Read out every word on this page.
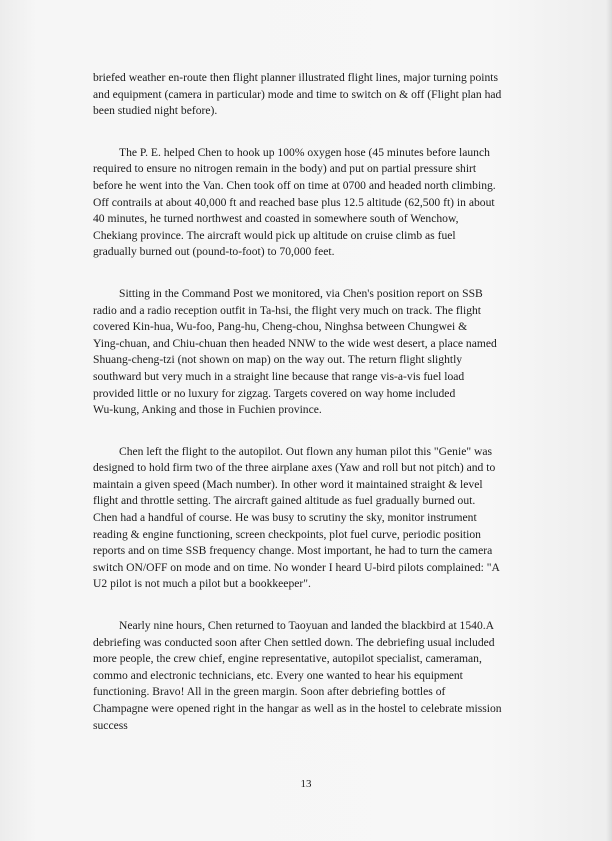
briefed weather en-route then flight planner illustrated flight lines, major turning points
and equipment (camera in particular) mode and time to switch on & off (Flight plan had
been studied night before).

The P. E. helped Chen to hook up 100% oxygen hose (45 minutes before launch
required to ensure no nitrogen remain in the body) and put on partial pressure shirt
before he went into the Van. Chen took off on time at 0700 and headed north climbing.
Off contrails at about 40,000 ft and reached base plus 12.5 altitude (62,500 ft) in about
40 minutes, he turned northwest and coasted in somewhere south of Wenchow,
Chekiang province. The aircraft would pick up altitude on cruise climb as fuel
gradually burned out (pound-to-foot) to 70,000 feet.

Sitting in the Command Post we monitored, via Chen's position report on SSB
radio and a radio reception outfit in Ta-hsi, the flight very much on track. The flight
covered Kin-hua, Wu-foo, Pang-hu, Cheng-chou, Ninghsa between Chungwei &
Ying-chuan, and Chiu-chuan then headed NNW to the wide west desert, a place named
Shuang-cheng-tzi (not shown on map) on the way out. The return flight slightly
southward but very much in a straight line because that range vis-a-vis fuel load
provided little or no luxury for zigzag. Targets covered on way home included
Wu-kung, Anking and those in Fuchien province.

Chen left the flight to the autopilot. Out flown any human pilot this "Genie" was
designed to hold firm two of the three airplane axes (Yaw and roll but not pitch) and to
maintain a given speed (Mach number). In other word it maintained straight & level
flight and throttle setting. The aircraft gained altitude as fuel gradually burned out.
Chen had a handful of course. He was busy to scrutiny the sky, monitor instrument
reading & engine functioning, screen checkpoints, plot fuel curve, periodic position
reports and on time SSB frequency change. Most important, he had to turn the camera
switch ON/OFF on mode and on time. No wonder I heard U-bird pilots complained: "A
U2 pilot is not much a pilot but a bookkeeper".

Nearly nine hours, Chen returned to Taoyuan and landed the blackbird at 1540.A
debriefing was conducted soon after Chen settled down. The debriefing usual included
more people, the crew chief, engine representative, autopilot specialist, cameraman,
commo and electronic technicians, etc. Every one wanted to hear his equipment
functioning. Bravo! All in the green margin. Soon after debriefing bottles of
Champagne were opened right in the hangar as well as in the hostel to celebrate mission
success

13
